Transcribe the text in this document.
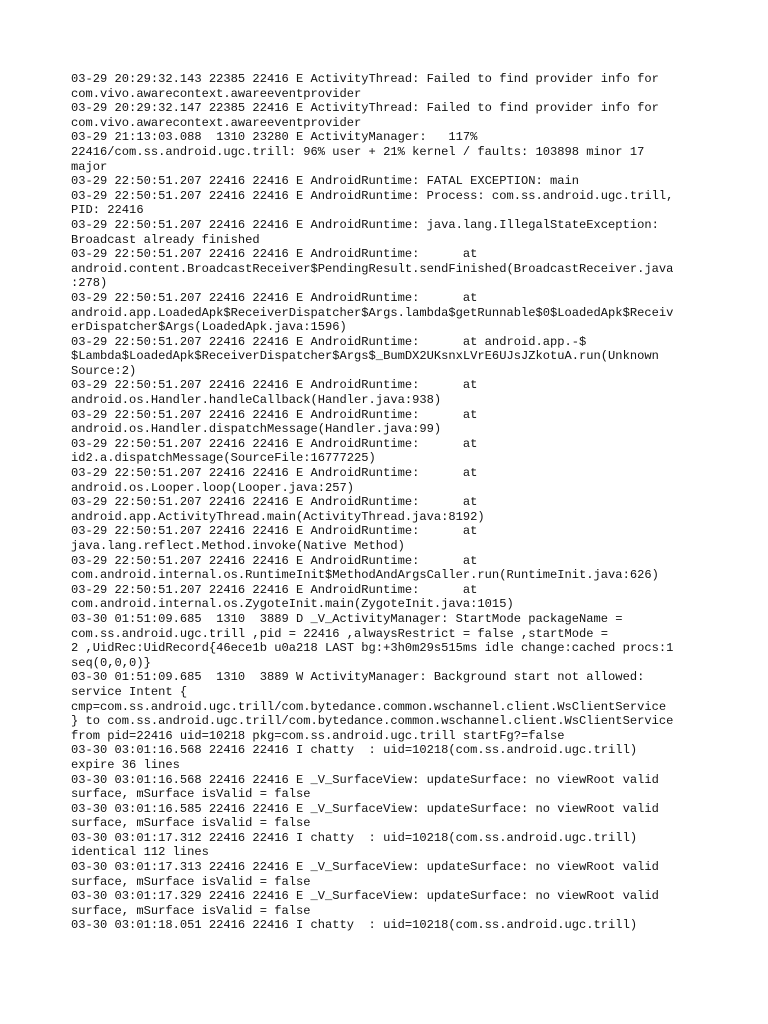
03-29 20:29:32.143 22385 22416 E ActivityThread: Failed to find provider info for
com.vivo.awarecontext.awareeventprovider
03-29 20:29:32.147 22385 22416 E ActivityThread: Failed to find provider info for
com.vivo.awarecontext.awareeventprovider
03-29 21:13:03.088  1310 23280 E ActivityManager:   117%
22416/com.ss.android.ugc.trill: 96% user + 21% kernel / faults: 103898 minor 17
major
03-29 22:50:51.207 22416 22416 E AndroidRuntime: FATAL EXCEPTION: main
03-29 22:50:51.207 22416 22416 E AndroidRuntime: Process: com.ss.android.ugc.trill,
PID: 22416
03-29 22:50:51.207 22416 22416 E AndroidRuntime: java.lang.IllegalStateException:
Broadcast already finished
03-29 22:50:51.207 22416 22416 E AndroidRuntime:      at
android.content.BroadcastReceiver$PendingResult.sendFinished(BroadcastReceiver.java
:278)
03-29 22:50:51.207 22416 22416 E AndroidRuntime:      at
android.app.LoadedApk$ReceiverDispatcher$Args.lambda$getRunnable$0$LoadedApk$Receiv
erDispatcher$Args(LoadedApk.java:1596)
03-29 22:50:51.207 22416 22416 E AndroidRuntime:      at android.app.-$
$Lambda$LoadedApk$ReceiverDispatcher$Args$_BumDX2UKsnxLVrE6UJsJZkotuA.run(Unknown
Source:2)
03-29 22:50:51.207 22416 22416 E AndroidRuntime:      at
android.os.Handler.handleCallback(Handler.java:938)
03-29 22:50:51.207 22416 22416 E AndroidRuntime:      at
android.os.Handler.dispatchMessage(Handler.java:99)
03-29 22:50:51.207 22416 22416 E AndroidRuntime:      at
id2.a.dispatchMessage(SourceFile:16777225)
03-29 22:50:51.207 22416 22416 E AndroidRuntime:      at
android.os.Looper.loop(Looper.java:257)
03-29 22:50:51.207 22416 22416 E AndroidRuntime:      at
android.app.ActivityThread.main(ActivityThread.java:8192)
03-29 22:50:51.207 22416 22416 E AndroidRuntime:      at
java.lang.reflect.Method.invoke(Native Method)
03-29 22:50:51.207 22416 22416 E AndroidRuntime:      at
com.android.internal.os.RuntimeInit$MethodAndArgsCaller.run(RuntimeInit.java:626)
03-29 22:50:51.207 22416 22416 E AndroidRuntime:      at
com.android.internal.os.ZygoteInit.main(ZygoteInit.java:1015)
03-30 01:51:09.685  1310  3889 D _V_ActivityManager: StartMode packageName =
com.ss.android.ugc.trill ,pid = 22416 ,alwaysRestrict = false ,startMode =
2 ,UidRec:UidRecord{46ece1b u0a218 LAST bg:+3h0m29s515ms idle change:cached procs:1
seq(0,0,0)}
03-30 01:51:09.685  1310  3889 W ActivityManager: Background start not allowed:
service Intent {
cmp=com.ss.android.ugc.trill/com.bytedance.common.wschannel.client.WsClientService
} to com.ss.android.ugc.trill/com.bytedance.common.wschannel.client.WsClientService
from pid=22416 uid=10218 pkg=com.ss.android.ugc.trill startFg?=false
03-30 03:01:16.568 22416 22416 I chatty  : uid=10218(com.ss.android.ugc.trill)
expire 36 lines
03-30 03:01:16.568 22416 22416 E _V_SurfaceView: updateSurface: no viewRoot valid
surface, mSurface isValid = false
03-30 03:01:16.585 22416 22416 E _V_SurfaceView: updateSurface: no viewRoot valid
surface, mSurface isValid = false
03-30 03:01:17.312 22416 22416 I chatty  : uid=10218(com.ss.android.ugc.trill)
identical 112 lines
03-30 03:01:17.313 22416 22416 E _V_SurfaceView: updateSurface: no viewRoot valid
surface, mSurface isValid = false
03-30 03:01:17.329 22416 22416 E _V_SurfaceView: updateSurface: no viewRoot valid
surface, mSurface isValid = false
03-30 03:01:18.051 22416 22416 I chatty  : uid=10218(com.ss.android.ugc.trill)
